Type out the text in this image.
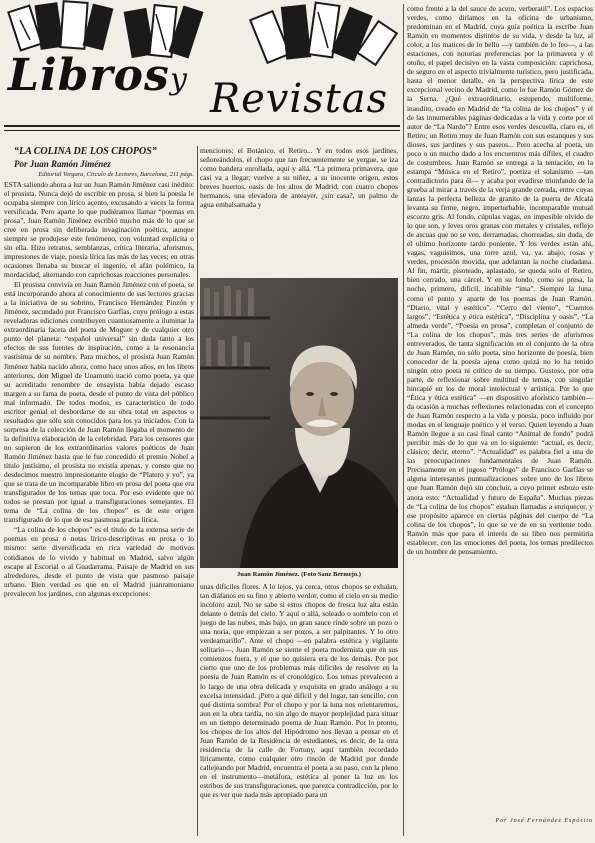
Libros y Revistas

“LA COLINA DE LOS CHOPOS”

Por Juan Ramón Jiménez

Editorial Vergara, Circulo de Lectores, Barcelona, 211 págs.

ESTA saliendo ahora a luz un Juan Ramón Jiménez casi inédito: el prosista. Nunca dejó de escribir en prosa, si bien la poesía le ocupaba siempre con lírico acento, excusando a veces la forma versificada. Pero aparte lo que pudiéramos llamar “poemas en prosa”, Juan Ramón Jiménez escribió mucho más de lo que se cree en prosa sin deliberada invaginación poética, aunque siempre se produjese este fenómeno, con voluntad explícita o sin ella. Hizo retratos, semblanzas, crítica literaria, aforismos, impresiones de viaje, poesía lírica las más de las veces; en otras ocasiones llenaba su buscar el ingenio, el afán polémico, la mordacidad, alternando con caprichosas reacciones personales.

El prosista convivía en Juan Ramón Jiménez con el poeta, se está incorporando ahora al conocimiento de sus lectores gracias a la iniciativa de su sobrino, Francisco Hernández Pinzón y Jiménez, secundado por Francisco Garfías, cuyo prólogo a estas reveladoras ediciones contribuyen cuantiosamente a iluminar la extraordinaria faceta del poeta de Moguer y de cualquier otro punto del planeta: “español universal” sin duda tanto a los efectos de sus fuentes de inspiración, como a la resonancia vastísima de su nombre. Para muchos, el prosista Juan Ramón Jiménez había nacido ahora, como hace unos años, en los libros anteriores, don Miguel de Unamuno nació como poeta, ya que su acreditado renombre de ensayista había dejado escaso margen a su fama de poeta, desde el punto de vista del público mal informado. De todos modos, es característico de todo escritor genial el desbordarse de su obra total en aspectos o resultados que sólo son conocidos para los ya iniciados. Con la sorpresa de la colección de Juan Ramón llegaba el momento de la definitiva elaboración de la celebridad. Para los censores que no supieron de los extraordinarios valores poéticos de Juan Ramón Jiménez hasta que le fue concedido el premio Nobel a título justísimo, el prosista no existía apenas, y conste que no desdecimos nuestro impresionante elogio de “Platero y yo”, ya que se trata de un incomparable libro en prosa del poeta que era transfigurador de los temas que toca. Por eso evidente que no todos se prestan por igual a transfiguraciones semejantes. El tema de “La colina de los chopos” es de este origen transfigurado de lo que de esa pasmosa gracia lírica.

“La colina de los chopos” es el título de la extensa serie de poemas en prosa o notas lírico-descriptivas en prosa o lo mismo: serie diversificada en rica variedad de motivos cotidianos de lo vivido y habitual en Madrid, salvo algún escape al Escorial o al Guadarrama. Paisaje de Madrid en sus alrededores, desde el punto de vista que pasmoso paisaje urbano. Bien verdad es que en el Madrid juanramoniano prevalecen los jardines, con algunas excepciones:

menciones; el Botánico, el Retiro... Y en todos esos jardines, señoreándolos, el chopo que tan frecuentemente se yergue, se iza como bandera enrollada, aquí y allá. “La primera primavera, que casi va a llegar, vuelve a su niñez, a su inocente origen, estos breves huertos, oasis de los altos de Madrid, con cuatro chopos hermanos, una elevadora de anteayer, ¿sin casa?, un palmo de agua embalsamada y

Juan Ramón Jiménez. (Foto Sanz Bermejo.)

unas difíciles flores. A lo lejos, ya cerca, otros chopos se exhalan, tan diáfanos en su fino y abierto verdor, como el cielo en su medio incoloro azul. No se sabe si estos chopos de fresca luz alta están delante o detrás del cielo. Y aquí o allá, soleado o sombrío con el juego de las nubes, más bajo, un gran sauce rinde sobre un pozo o una noria, que empiezan a ser pozos, a ser palpitantes. Y lo otro verdeamarillo”. Ante el chopo —en palabra estética y vigilante solitario—, Juan Ramón se siente el poeta modernista que en sus comienzos fuera, y el que no quisiera era de los demás. Por por cierto que uno de los problemas más difíciles de resolver en la poesía de Juan Ramón es el cronológico. Los temas prevalecen a lo largo de una obra delicada y exquisita en grado análogo a su excelsa intensidad. ¡Pero a qué difícil y del lugar, tan sencillo, con qué distinta sombra! Por el chopo y por la luna nos orientaremos, aun en la obra tardía, no sin algo de mayor perplejidad para situar en un tiempo determinado poema de Juan Ramón. Por lo pronto, los chopos de los altos del Hipódromo nos llevan a pensar en el Juan Ramón de la Residencia de estudiantes, es decir, de la otra residencia de la calle de Fortuny, aquí también recordado líricamente, como cualquier otro rincón de Madrid por donde callejeando por Madrid, encuentra el poeta a su paso, con la pleno en el instrumento—metáfora, estética al poner la luz en los estribos de sus transfiguraciones, que parezca contradicción, por lo que es ver que nada más apropiado para un

como frente a la del sauce de acero, verberatil”. Los espacios verdes, como diríamos en la oficina de urbanismo, predominan en el Madrid, cuya guía poética la escribe Juan Ramón en momentos distintos de su vida, y desde la luz, al color, a los matices de lo bello —y también de lo feo—, a las estaciones, con notorias preferencias por la primavera y el otoño, el papel decisivo en la vasta composición: caprichosa, de seguro en el aspecto trivialmente turístico, pero justificada, hasta el menor detalle, en la perspectiva lírica de este excepcional vecino de Madrid, como lo fue Ramón Gómez de la Serna. ¿Qué extraordinario, estupendo, multiforme, inaudito, creado en Madrid de “la colina de los chopos” y el de las innumerables páginas dedicadas a la vida y corte por el autor de “La Nardo”? Entre esos verdes descuella, claro es, el Retiro; un Retiro muy de Juan Ramón con sus estanques y sus dioses, sus jardines y sus paseos... Pero acecha al poeta, un poco o un mucho dado a los encuentros más dífiles, el cuadro de costumbres. Juan Ramón se entrega a la tentación, en la estampa “Música en el Retiro”, poetiza el solanismo —tan contradictorio para él— y acaba por evadirse triunfando de la grueba al mirar a través de la verja grande cerrada, entre cuyas lanzas la perfecta belleza de granito de la puerta de Alcalá levanta su firme, negro, imperturbable, incomparable mutual escorzo gris. Al fondo, cúpulas vagas, en imposible olvido de lo que son, y leves oros granas con metales y cristales, reflejo de ascuas que no se ven, derramadas, chorreadas, sin duda, de el ultimo horizonte tardo poniente. Y los verdes están ahí, vagas, vaguisimos, una torre azul, va, ya. abajo, rosas y verdes, procesión movida, que adelantan la noche ciudadana. Al fin, mártir, pisoteado, aplastado, se queda solo el Retiro, bien cerrado, una cárcel. Y en su fondo, como su presa, la noche, primero, difícil, incabible “ima”. Siempre la luna, como el punto y aparte de los poemas de Juan Ramón. “Diario, vital y estético”. “Cerro del viento”, “Cuentos largos”, “Estética y ética estética”, “Disciplina y oasis”, “La almeda verde”, “Poesía en prosa”, completan el conjunto de “La colina de los chopos”, más tres series de aforismos entreverados, de tanta significación en el conjunto de la obra de Juan Ramón, no sólo poeta, sino horizonte de poesía, bien conocedor de la poesía ajena como quizá no lo ha tenido ningún otro poeta ni crítico de su tiempo. Gustoso, por otra parte, de reflexionar sobre multitud de temas, con singular hincapié en los de moral intelectual y artística. Por lo que “Ética y ética estética” —en dispositivo aforístico también— da ocasión a muchas reflexiones relacionadas con el concepto de Juan Ramón respecto a la vida y poesía, poco influido por modas en el lenguaje poético y el verso. Quien leyendo a Juan Ramón llegue a su casi final canto “Animal de fondo” podrá percibir más de lo que va en lo siguiente: “actual, es decir, clásico; decir, eterno”. “Actualidad” es palabra fiel a una de las preocupaciones fundamentales de Juan Ramón. Precisamente en el jugoso “Prólogo” de Francisco Garfías se alguna interesantes puntualizaciones sobre uno de los libros que Juan Ramón dejó sin concluir, a cuyo primer esbozo este anota esto: “Actualidad y futuro de España”. Muchas piezas de “La colina de los chopos” estaban llamadas a enriquecer, y ese propósito aparece en ciertas páginas del cuerpo de “La colina de los chopos”, lo que se ve de en su vertiente todo. Ramón más que para el interés de su libro nos permitiría establecer, con las emociones del poeta, los temas predilectos de un hombre de pensamiento.

Por José Fernández Espósito
